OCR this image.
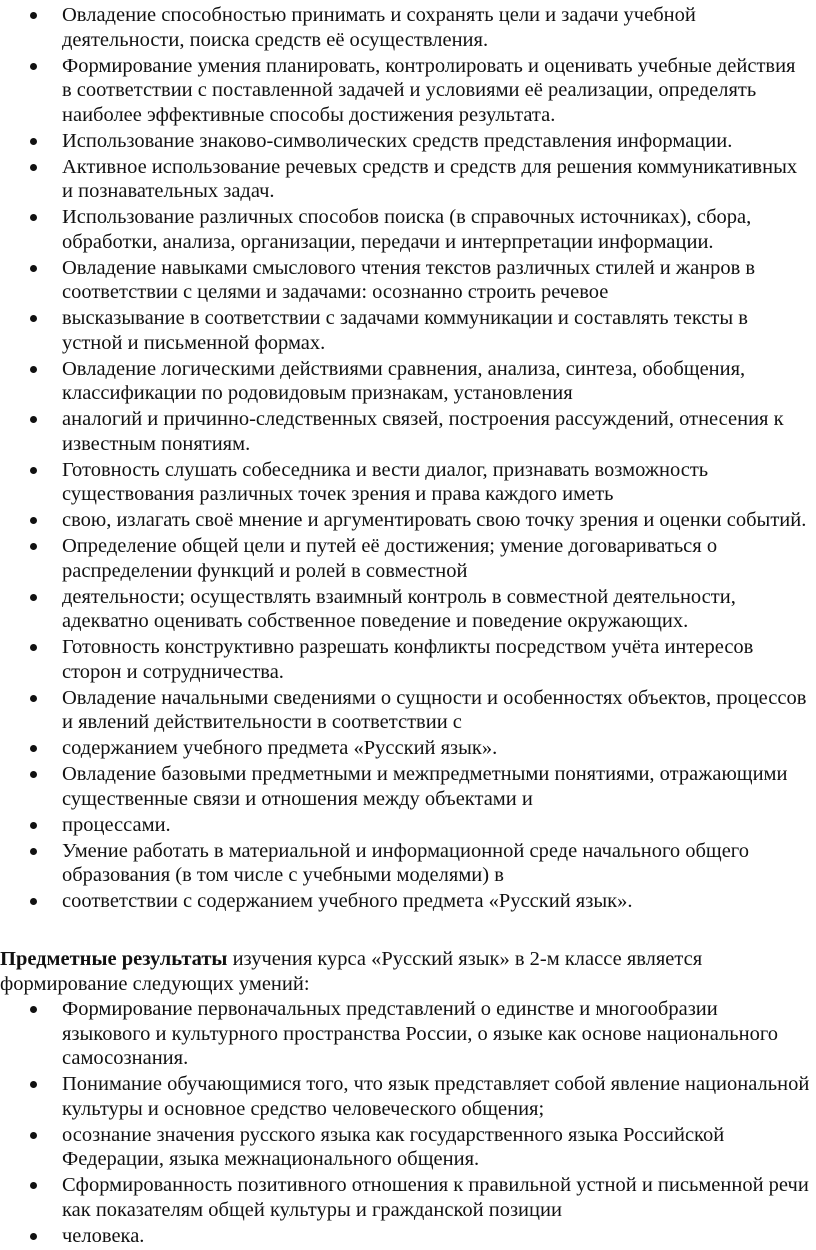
Овладение способностью принимать и сохранять цели и задачи учебной деятельности, поиска средств её осуществления.
Формирование умения планировать, контролировать и оценивать учебные действия в соответствии с поставленной задачей и условиями её реализации, определять наиболее эффективные способы достижения результата.
Использование знаково-символических средств представления информации.
Активное использование речевых средств и средств для решения коммуникативных и познавательных задач.
Использование различных способов поиска (в справочных источниках), сбора, обработки, анализа, организации, передачи и интерпретации информации.
Овладение навыками смыслового чтения текстов различных стилей и жанров в соответствии с целями и задачами: осознанно строить речевое
высказывание в соответствии с задачами коммуникации и составлять тексты в устной и письменной формах.
Овладение логическими действиями сравнения, анализа, синтеза, обобщения, классификации по родовидовым признакам, установления
аналогий и причинно-следственных связей, построения рассуждений, отнесения к известным понятиям.
Готовность слушать собеседника и вести диалог, признавать возможность существования различных точек зрения и права каждого иметь
свою, излагать своё мнение и аргументировать свою точку зрения и оценки событий.
Определение общей цели и путей её достижения; умение договариваться о распределении функций и ролей в совместной
деятельности; осуществлять взаимный контроль в совместной деятельности, адекватно оценивать собственное поведение и поведение окружающих.
Готовность конструктивно разрешать конфликты посредством учёта интересов сторон и сотрудничества.
Овладение начальными сведениями о сущности и особенностях объектов, процессов и явлений действительности в соответствии с
содержанием учебного предмета «Русский язык».
Овладение базовыми предметными и межпредметными понятиями, отражающими существенные связи и отношения между объектами и
процессами.
Умение работать в материальной и информационной среде начального общего образования (в том числе с учебными моделями) в
соответствии с содержанием учебного предмета «Русский язык».

Предметные результаты изучения курса «Русский язык» в 2-м классе является формирование следующих умений:

Формирование первоначальных представлений о единстве и многообразии языкового и культурного пространства России, о языке как основе национального самосознания.
Понимание обучающимися того, что язык представляет собой явление национальной культуры и основное средство человеческого общения;
осознание значения русского языка как государственного языка Российской Федерации, языка межнационального общения.
Сформированность позитивного отношения к правильной устной и письменной речи как показателям общей культуры и гражданской позиции
человека.
